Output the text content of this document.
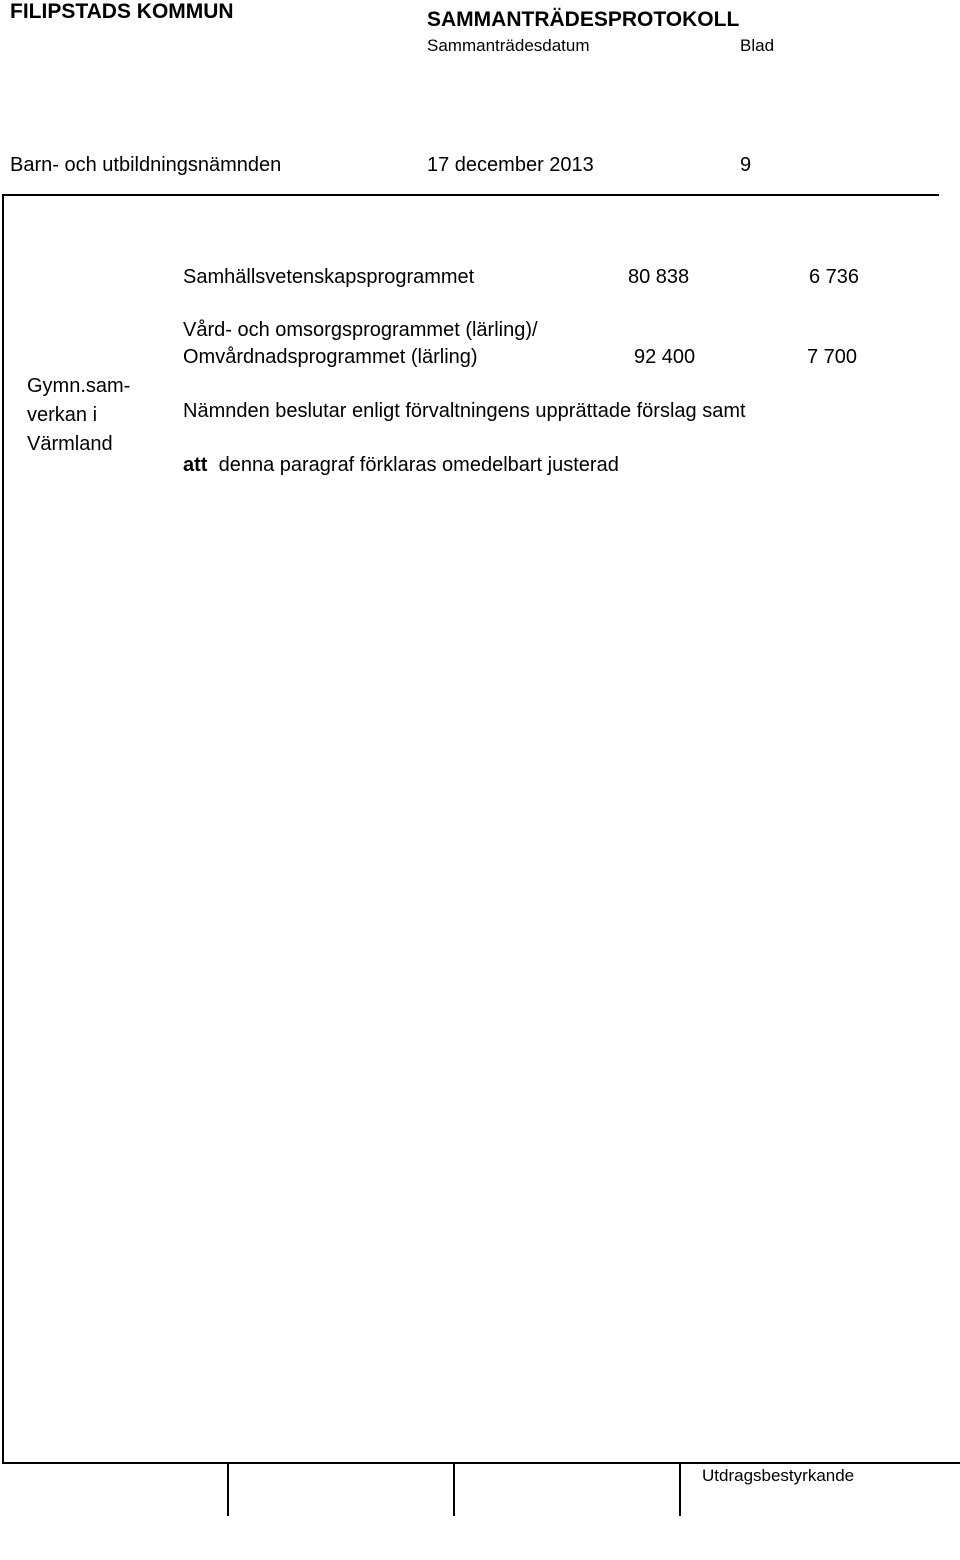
FILIPSTADS KOMMUN	SAMMANTRÄDESPROTOKOLL
Sammanträdesdatum	Blad
Barn- och utbildningsnämnden	17 december 2013	9
Samhällsvetenskapsprogrammet	80 838	6 736
Vård- och omsorgsprogrammet (lärling)/
Omvårdnadsprogrammet (lärling)	92 400	7 700
Gymn.sam-
verkan i
Värmland
Nämnden beslutar enligt förvaltningens upprättade förslag samt
att denna paragraf förklaras omedelbart justerad
Utdragsbestyrkande
